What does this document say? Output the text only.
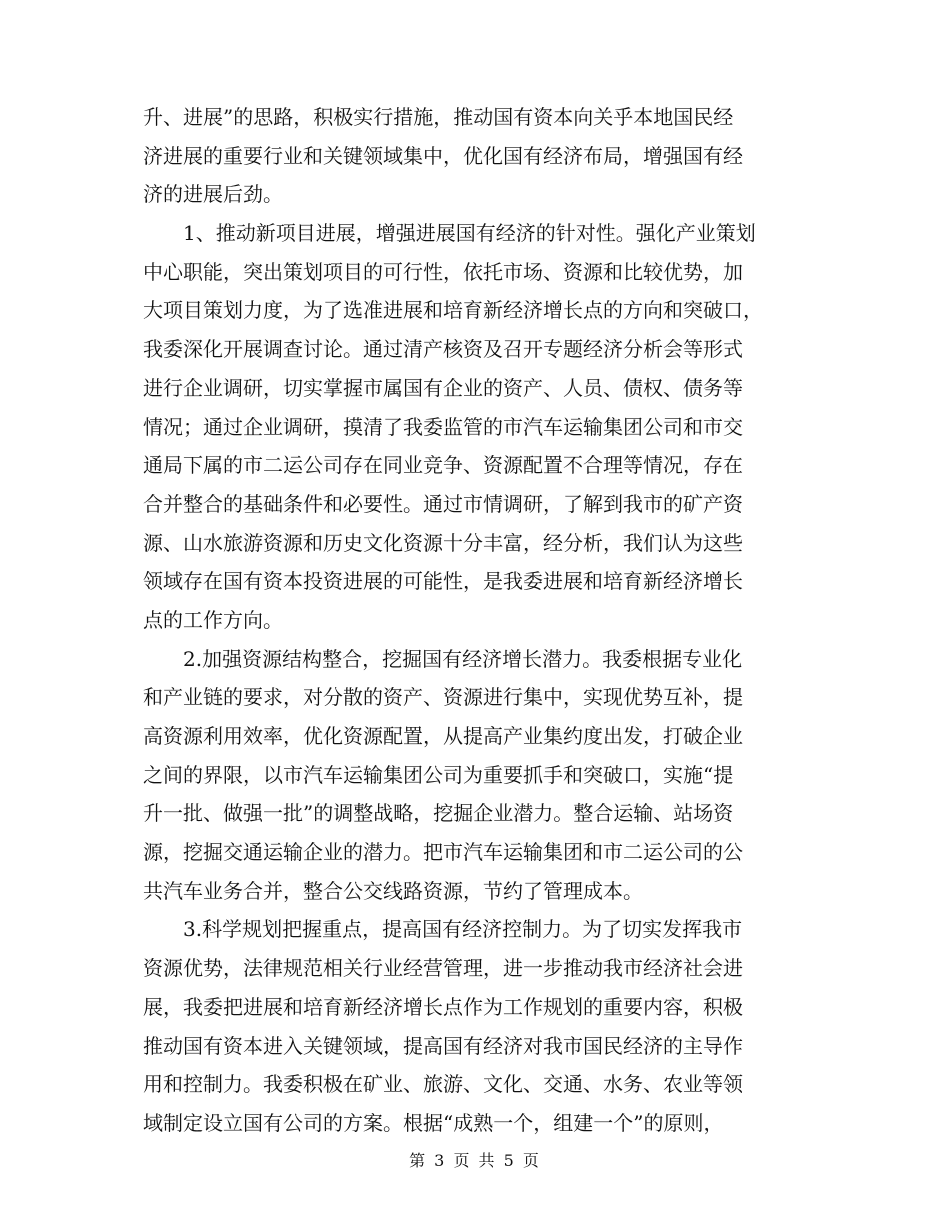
升、进展”的思路，积极实行措施，推动国有资本向关乎本地国民经
济进展的重要行业和关键领域集中，优化国有经济布局，增强国有经
济的进展后劲。
1、推动新项目进展，增强进展国有经济的针对性。强化产业策划
中心职能，突出策划项目的可行性，依托市场、资源和比较优势，加
大项目策划力度，为了选准进展和培育新经济增长点的方向和突破口，
我委深化开展调查讨论。通过清产核资及召开专题经济分析会等形式
进行企业调研，切实掌握市属国有企业的资产、人员、债权、债务等
情况；通过企业调研，摸清了我委监管的市汽车运输集团公司和市交
通局下属的市二运公司存在同业竞争、资源配置不合理等情况，存在
合并整合的基础条件和必要性。通过市情调研，了解到我市的矿产资
源、山水旅游资源和历史文化资源十分丰富，经分析，我们认为这些
领域存在国有资本投资进展的可能性，是我委进展和培育新经济增长
点的工作方向。
2.加强资源结构整合，挖掘国有经济增长潜力。我委根据专业化
和产业链的要求，对分散的资产、资源进行集中，实现优势互补，提
高资源利用效率，优化资源配置，从提高产业集约度出发，打破企业
之间的界限，以市汽车运输集团公司为重要抓手和突破口，实施“提
升一批、做强一批”的调整战略，挖掘企业潜力。整合运输、站场资
源，挖掘交通运输企业的潜力。把市汽车运输集团和市二运公司的公
共汽车业务合并，整合公交线路资源，节约了管理成本。
3.科学规划把握重点，提高国有经济控制力。为了切实发挥我市
资源优势，法律规范相关行业经营管理，进一步推动我市经济社会进
展，我委把进展和培育新经济增长点作为工作规划的重要内容，积极
推动国有资本进入关键领域，提高国有经济对我市国民经济的主导作
用和控制力。我委积极在矿业、旅游、文化、交通、水务、农业等领
域制定设立国有公司的方案。根据“成熟一个，组建一个”的原则，
第 3 页 共 5 页
